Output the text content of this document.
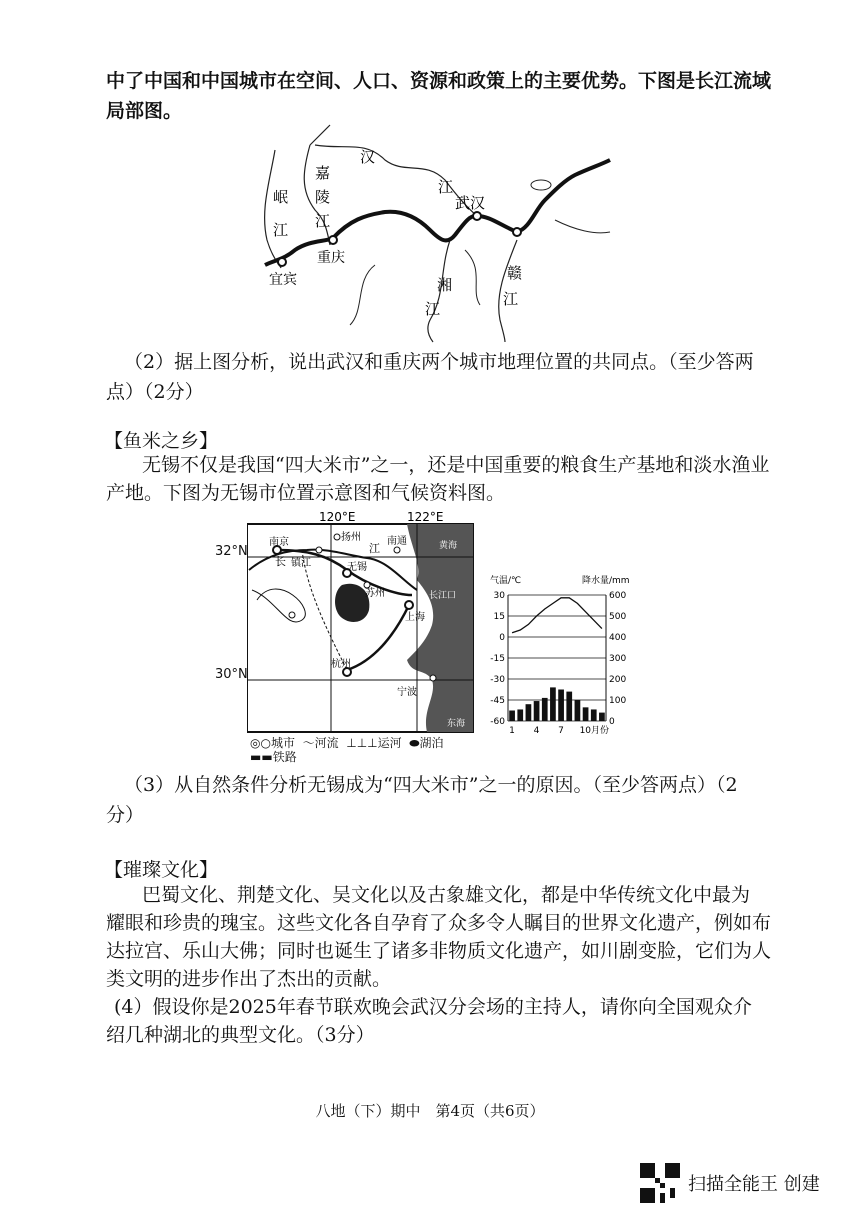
中了中国和中国城市在空间、人口、资源和政策上的主要优势。下图是长江流域
局部图。
岷
江
嘉
陵
江
汉
江
武汉
重庆
宜宾	湘
江
赣
江
（2）据上图分析，说出武汉和重庆两个城市地理位置的共同点。（至少答两
点）（2分）
【鱼米之乡】
无锡不仅是我国“四大米市”之一，还是中国重要的粮食生产基地和淡水渔业
产地。下图为无锡市位置示意图和气候资料图。
120°E	122°E
南京	扬州
镇江
南通
江
长	无锡
苏州
上海
长江口
杭州
宁波
黄海
东海
32°N
30°N
◎○城市 ～河流 ⊥⊥⊥运河 ⬬湖泊
▬▬铁路
气温/℃	降水量/mm
30
15
0
-15
-30
-45
-60
600
500
400
300
200
100
0
1 4 7 10月份
（3）从自然条件分析无锡成为“四大米市”之一的原因。（至少答两点）（2
分）
【璀璨文化】
巴蜀文化、荆楚文化、吴文化以及古象雄文化，都是中华传统文化中最为
耀眼和珍贵的瑰宝。这些文化各自孕育了众多令人瞩目的世界文化遗产，例如布
达拉宫、乐山大佛；同时也诞生了诸多非物质文化遗产，如川剧变脸，它们为人
类文明的进步作出了杰出的贡献。
(4）假设你是2025年春节联欢晚会武汉分会场的主持人，请你向全国观众介
绍几种湖北的典型文化。（3分）
八地（下）期中　第4页（共6页）
扫描全能王 创建
